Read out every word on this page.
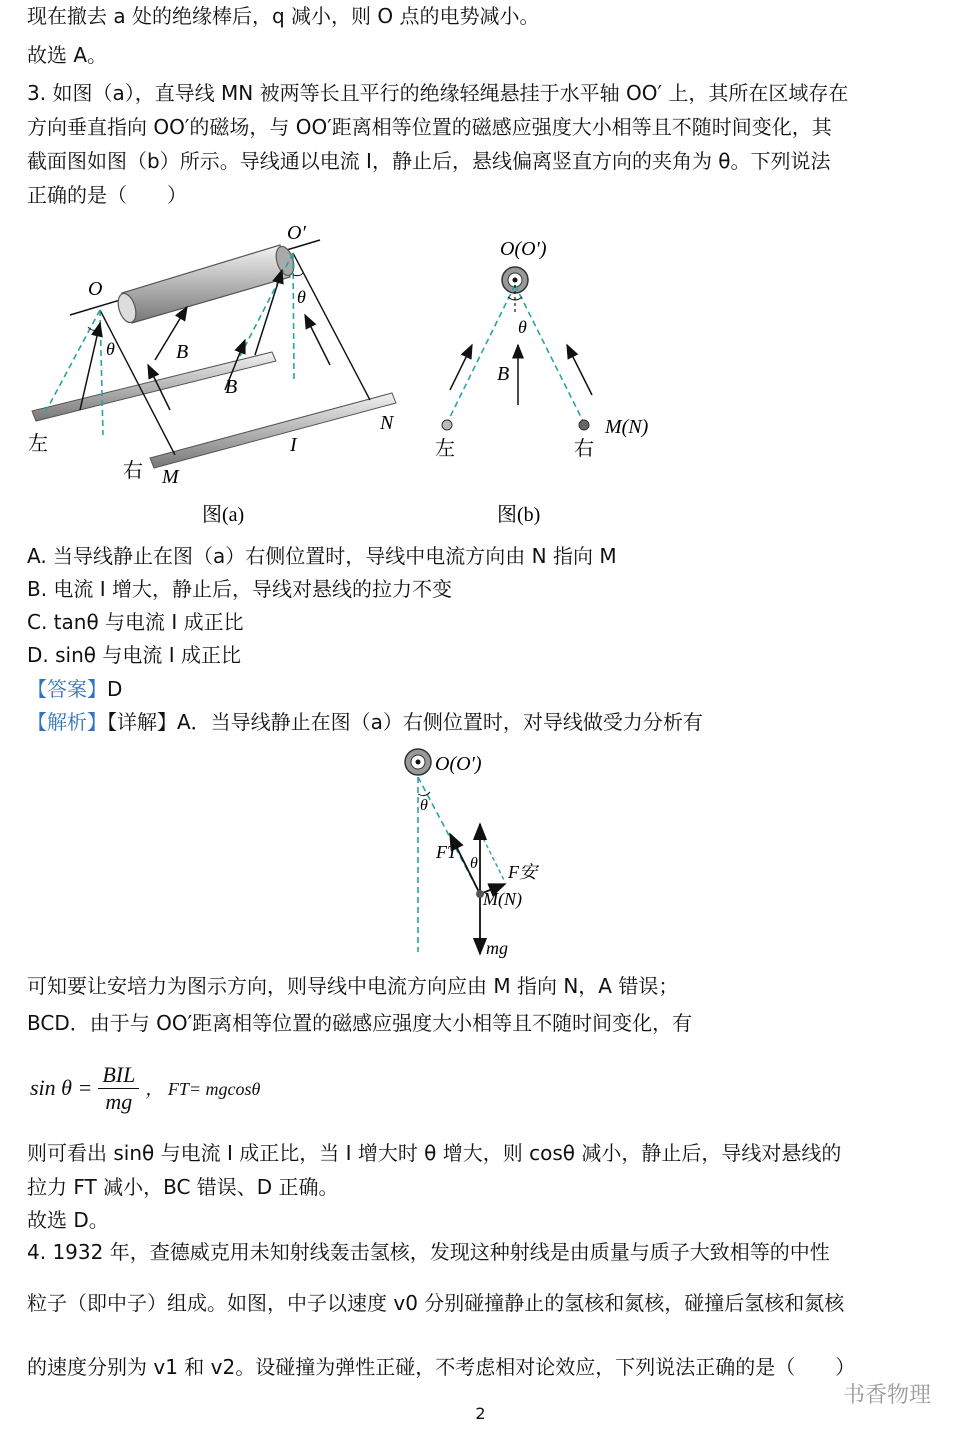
现在撤去 a 处的绝缘棒后，q 减小，则 O 点的电势减小。
故选 A。
3. 如图（a），直导线 MN 被两等长且平行的绝缘轻绳悬挂于水平轴 OO′ 上，其所在区域存在
方向垂直指向 OO′的磁场，与 OO′距离相等位置的磁感应强度大小相等且不随时间变化，其
截面图如图（b）所示。导线通以电流 I，静止后，悬线偏离竖直方向的夹角为 θ。下列说法
正确的是（　　）
O
O′
θ
θ
B
B
I
N
M
左
右
图(a)
O(O′)
θ
B
M(N)
左	右
图(b)
A. 当导线静止在图（a）右侧位置时，导线中电流方向由 N 指向 M
B. 电流 I 增大，静止后，导线对悬线的拉力不变
C. tanθ 与电流 I 成正比
D. sinθ 与电流 I 成正比
【答案】D
【解析】【详解】A．当导线静止在图（a）右侧位置时，对导线做受力分析有
O(O′)
θ
θ
FT
F安
M(N)
mg
可知要让安培力为图示方向，则导线中电流方向应由 M 指向 N，A 错误；
BCD．由于与 OO′距离相等位置的磁感应强度大小相等且不随时间变化，有
sin θ =
BIL
mg ， FT= mgcosθ
则可看出 sinθ 与电流 I 成正比，当 I 增大时 θ 增大，则 cosθ 减小，静止后，导线对悬线的
拉力 FT 减小，BC 错误、D 正确。
故选 D。
4. 1932 年，查德威克用未知射线轰击氢核，发现这种射线是由质量与质子大致相等的中性
粒子（即中子）组成。如图，中子以速度 v0 分别碰撞静止的氢核和氮核，碰撞后氢核和氮核
的速度分别为 v1 和 v2。设碰撞为弹性正碰，不考虑相对论效应，下列说法正确的是（　　）
书香物理
2
